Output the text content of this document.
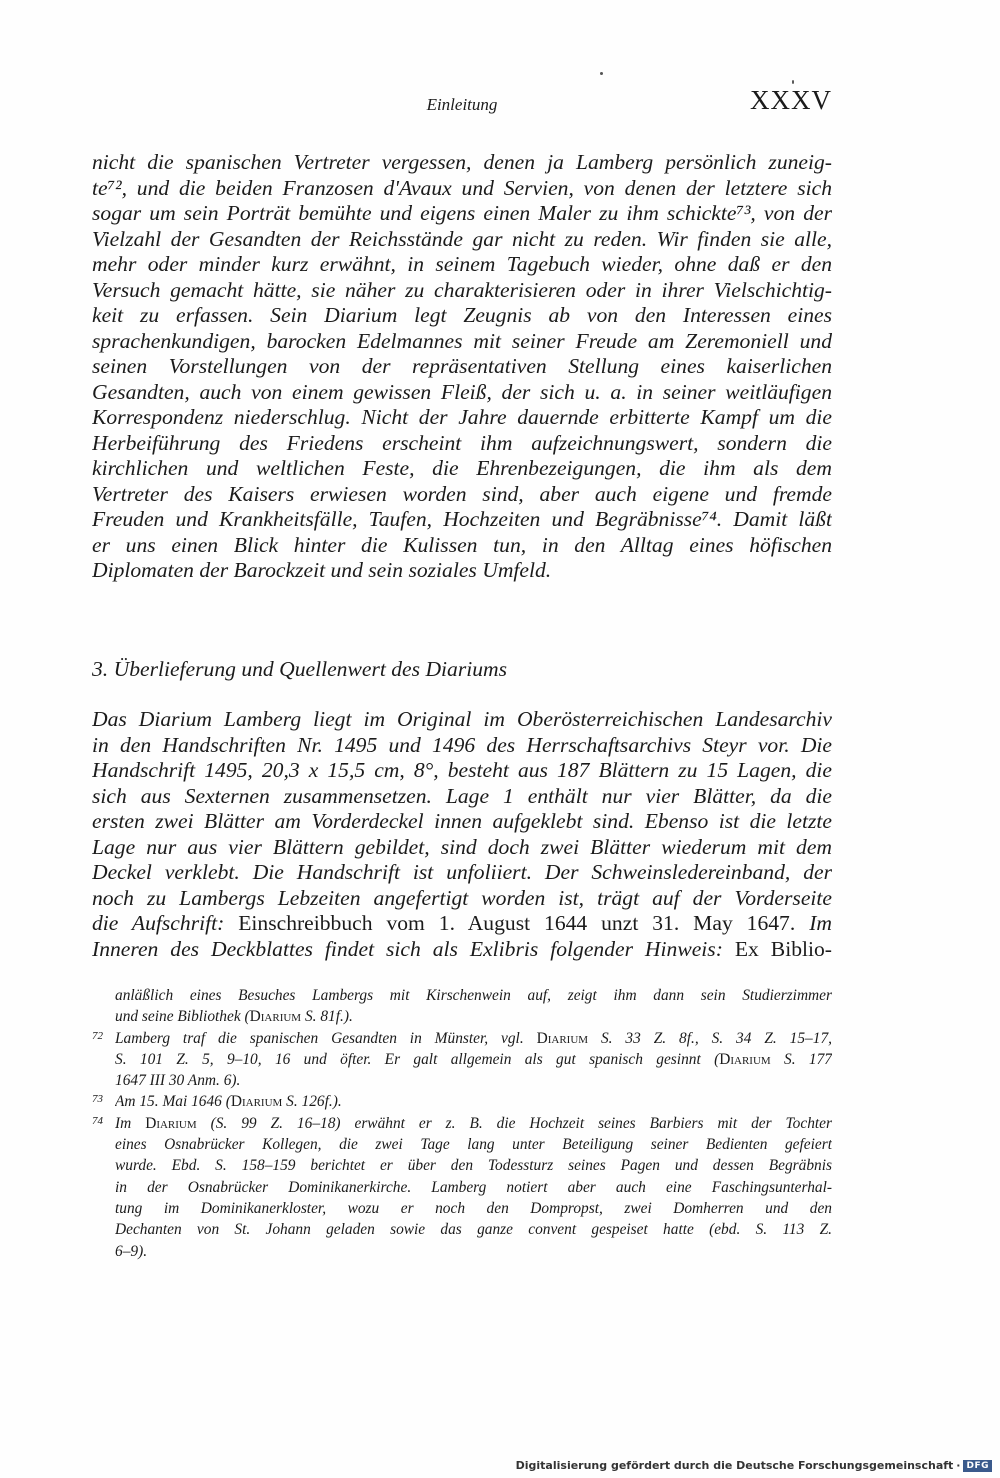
Einleitung	XXXV
nicht die spanischen Vertreter vergessen, denen ja Lamberg persönlich zuneig-
te⁷², und die beiden Franzosen d'Avaux und Servien, von denen der letztere sich
sogar um sein Porträt bemühte und eigens einen Maler zu ihm schickte⁷³, von der
Vielzahl der Gesandten der Reichsstände gar nicht zu reden. Wir finden sie alle,
mehr oder minder kurz erwähnt, in seinem Tagebuch wieder, ohne daß er den
Versuch gemacht hätte, sie näher zu charakterisieren oder in ihrer Vielschichtig-
keit zu erfassen. Sein Diarium legt Zeugnis ab von den Interessen eines
sprachenkundigen, barocken Edelmannes mit seiner Freude am Zeremoniell und
seinen Vorstellungen von der repräsentativen Stellung eines kaiserlichen
Gesandten, auch von einem gewissen Fleiß, der sich u. a. in seiner weitläufigen
Korrespondenz niederschlug. Nicht der Jahre dauernde erbitterte Kampf um die
Herbeiführung des Friedens erscheint ihm aufzeichnungswert, sondern die
kirchlichen und weltlichen Feste, die Ehrenbezeigungen, die ihm als dem
Vertreter des Kaisers erwiesen worden sind, aber auch eigene und fremde
Freuden und Krankheitsfälle, Taufen, Hochzeiten und Begräbnisse⁷⁴. Damit läßt
er uns einen Blick hinter die Kulissen tun, in den Alltag eines höfischen
Diplomaten der Barockzeit und sein soziales Umfeld.
3. Überlieferung und Quellenwert des Diariums
Das Diarium Lamberg liegt im Original im Oberösterreichischen Landesarchiv
in den Handschriften Nr. 1495 und 1496 des Herrschaftsarchivs Steyr vor. Die
Handschrift 1495, 20,3 x 15,5 cm, 8°, besteht aus 187 Blättern zu 15 Lagen, die
sich aus Sexternen zusammensetzen. Lage 1 enthält nur vier Blätter, da die
ersten zwei Blätter am Vorderdeckel innen aufgeklebt sind. Ebenso ist die letzte
Lage nur aus vier Blättern gebildet, sind doch zwei Blätter wiederum mit dem
Deckel verklebt. Die Handschrift ist unfoliiert. Der Schweinsledereinband, der
noch zu Lambergs Lebzeiten angefertigt worden ist, trägt auf der Vorderseite
die Aufschrift: Einschreibbuch vom 1. August 1644 unzt 31. May 1647. Im
Inneren des Deckblattes findet sich als Exlibris folgender Hinweis: Ex Biblio-
anläßlich eines Besuches Lambergs mit Kirschenwein auf, zeigt ihm dann sein Studierzimmer
und seine Bibliothek (Diarium S. 81f.).
72 Lamberg traf die spanischen Gesandten in Münster, vgl. Diarium S. 33 Z. 8f., S. 34 Z. 15–17,
S. 101 Z. 5, 9–10, 16 und öfter. Er galt allgemein als gut spanisch gesinnt (Diarium S. 177
1647 III 30 Anm. 6).
73 Am 15. Mai 1646 (Diarium S. 126f.).
74 Im Diarium (S. 99 Z. 16–18) erwähnt er z. B. die Hochzeit seines Barbiers mit der Tochter
eines Osnabrücker Kollegen, die zwei Tage lang unter Beteiligung seiner Bedienten gefeiert
wurde. Ebd. S. 158–159 berichtet er über den Todessturz seines Pagen und dessen Begräbnis
in der Osnabrücker Dominikanerkirche. Lamberg notiert aber auch eine Faschingsunterhal-
tung im Dominikanerkloster, wozu er noch den Dompropst, zwei Domherren und den
Dechanten von St. Johann geladen sowie das ganze convent gespeiset hatte (ebd. S. 113 Z.
6–9).
Digitalisierung gefördert durch die Deutsche Forschungsgemeinschaft · DFG
